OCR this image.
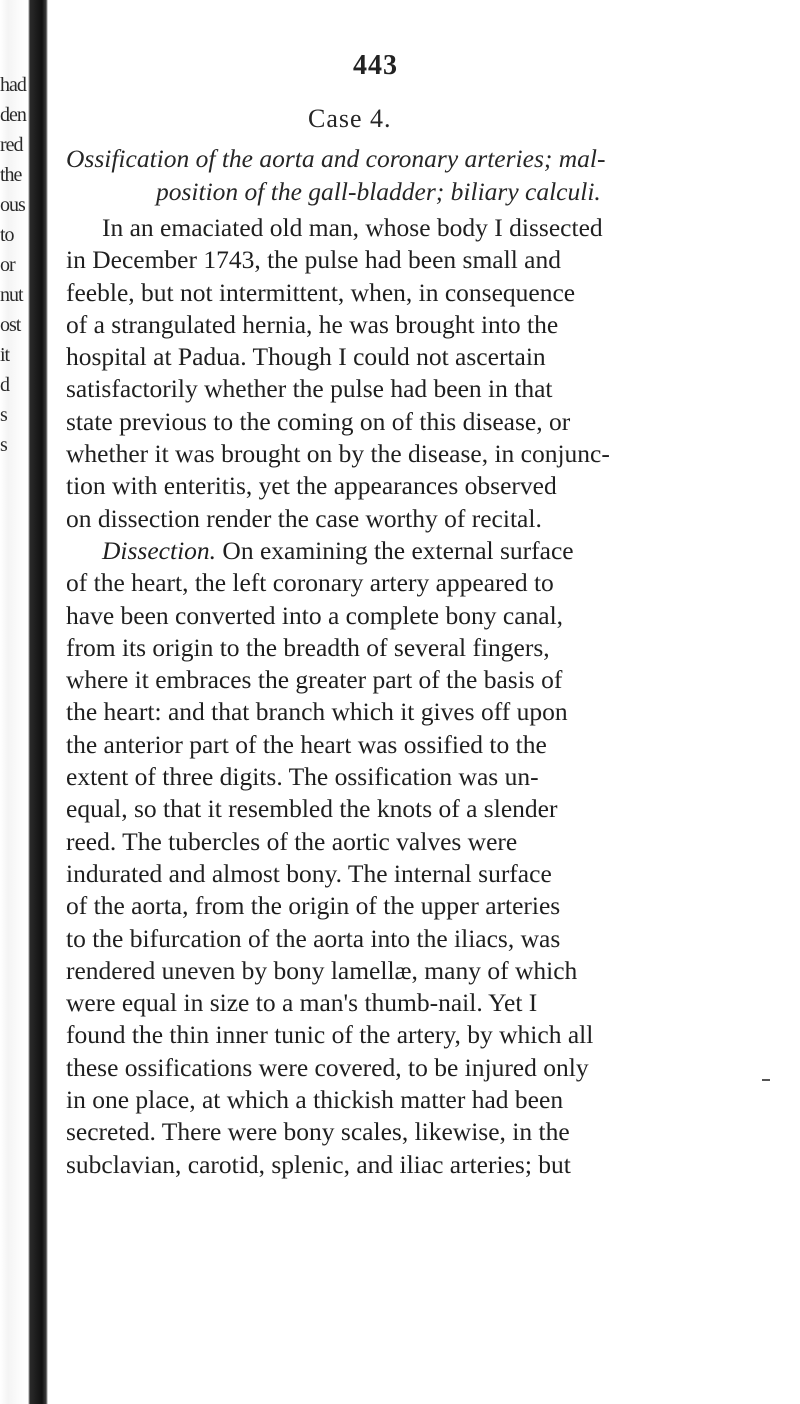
had
den
red
the
ous
to
or
nut
ost
it
d
s
s
443
Case 4.
Ossification of the aorta and coronary arteries; mal-
position of the gall-bladder; biliary calculi.
In an emaciated old man, whose body I dissected
in December 1743, the pulse had been small and
feeble, but not intermittent, when, in consequence
of a strangulated hernia, he was brought into the
hospital at Padua. Though I could not ascertain
satisfactorily whether the pulse had been in that
state previous to the coming on of this disease, or
whether it was brought on by the disease, in conjunc-
tion with enteritis, yet the appearances observed
on dissection render the case worthy of recital.
Dissection. On examining the external surface
of the heart, the left coronary artery appeared to
have been converted into a complete bony canal,
from its origin to the breadth of several fingers,
where it embraces the greater part of the basis of
the heart: and that branch which it gives off upon
the anterior part of the heart was ossified to the
extent of three digits. The ossification was un-
equal, so that it resembled the knots of a slender
reed. The tubercles of the aortic valves were
indurated and almost bony. The internal surface
of the aorta, from the origin of the upper arteries
to the bifurcation of the aorta into the iliacs, was
rendered uneven by bony lamellæ, many of which
were equal in size to a man's thumb-nail. Yet I
found the thin inner tunic of the artery, by which all
these ossifications were covered, to be injured only
in one place, at which a thickish matter had been
secreted. There were bony scales, likewise, in the
subclavian, carotid, splenic, and iliac arteries; but
